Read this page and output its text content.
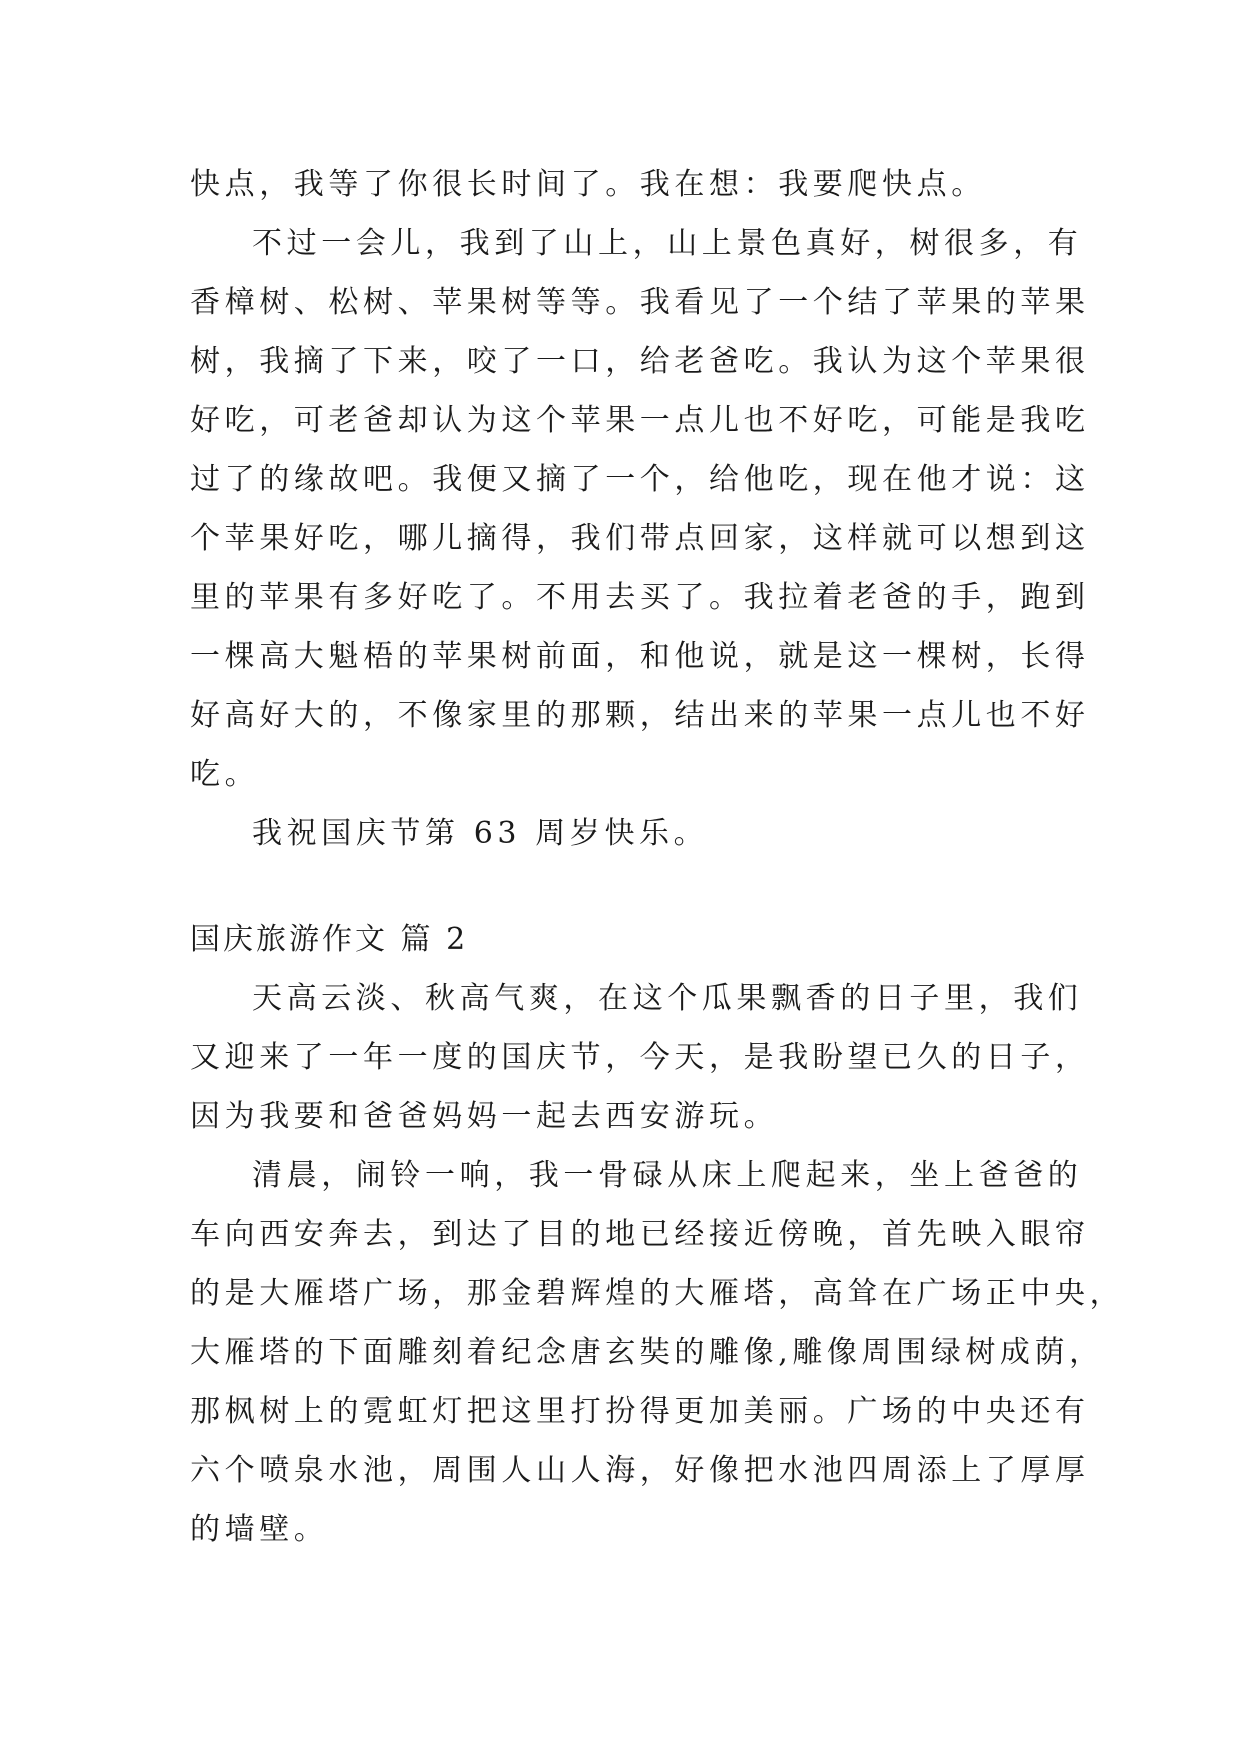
快点，我等了你很长时间了。我在想：我要爬快点。
不过一会儿，我到了山上，山上景色真好，树很多，有
香樟树、松树、苹果树等等。我看见了一个结了苹果的苹果
树，我摘了下来，咬了一口，给老爸吃。我认为这个苹果很
好吃，可老爸却认为这个苹果一点儿也不好吃，可能是我吃
过了的缘故吧。我便又摘了一个，给他吃，现在他才说：这
个苹果好吃，哪儿摘得，我们带点回家，这样就可以想到这
里的苹果有多好吃了。不用去买了。我拉着老爸的手，跑到
一棵高大魁梧的苹果树前面，和他说，就是这一棵树，长得
好高好大的，不像家里的那颗，结出来的苹果一点儿也不好
吃。
我祝国庆节第 63 周岁快乐。
国庆旅游作文 篇 2
天高云淡、秋高气爽，在这个瓜果飘香的日子里，我们
又迎来了一年一度的国庆节，今天，是我盼望已久的日子，
因为我要和爸爸妈妈一起去西安游玩。
清晨，闹铃一响，我一骨碌从床上爬起来，坐上爸爸的
车向西安奔去，到达了目的地已经接近傍晚，首先映入眼帘
的是大雁塔广场，那金碧辉煌的大雁塔，高耸在广场正中央，
大雁塔的下面雕刻着纪念唐玄奘的雕像,雕像周围绿树成荫，
那枫树上的霓虹灯把这里打扮得更加美丽。广场的中央还有
六个喷泉水池，周围人山人海，好像把水池四周添上了厚厚
的墙壁。
